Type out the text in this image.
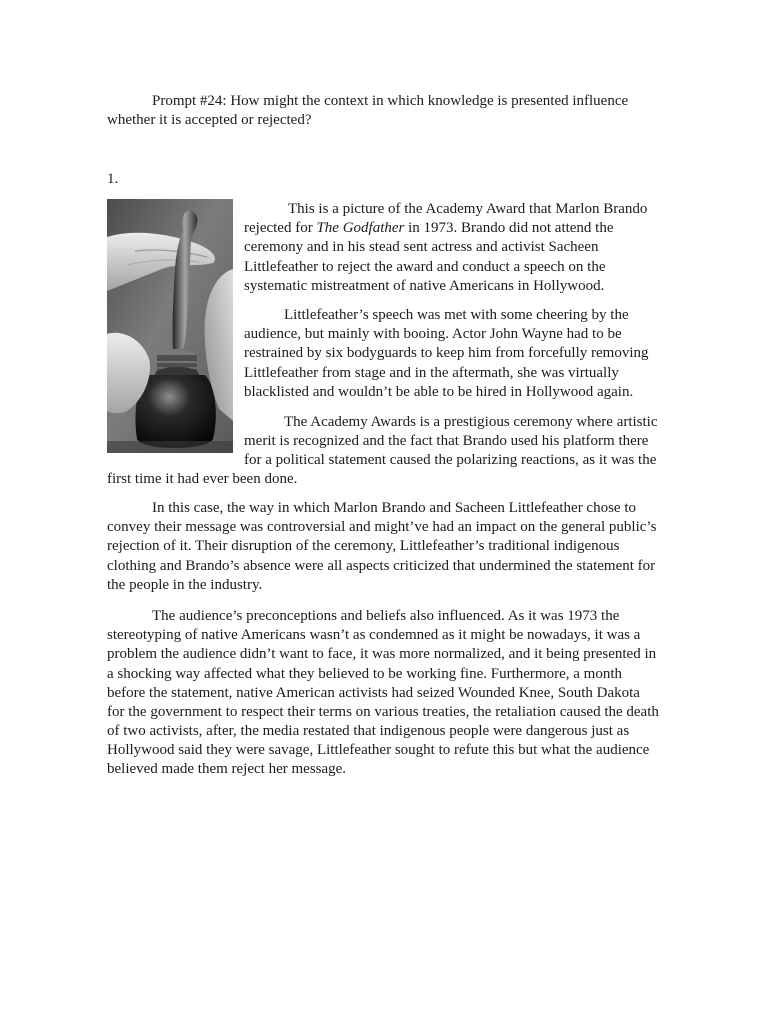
Prompt #24: How might the context in which knowledge is presented influence
whether it is accepted or rejected?
1.
This is a picture of the Academy Award that Marlon Brando
rejected for The Godfather in 1973. Brando did not attend the
ceremony and in his stead sent actress and activist Sacheen
Littlefeather to reject the award and conduct a speech on the
systematic mistreatment of native Americans in Hollywood.
Littlefeather’s speech was met with some cheering by the
audience, but mainly with booing. Actor John Wayne had to be
restrained by six bodyguards to keep him from forcefully removing
Littlefeather from stage and in the aftermath, she was virtually
blacklisted and wouldn’t be able to be hired in Hollywood again.
The Academy Awards is a prestigious ceremony where artistic
merit is recognized and the fact that Brando used his platform there
for a political statement caused the polarizing reactions, as it was the
first time it had ever been done.
In this case, the way in which Marlon Brando and Sacheen Littlefeather chose to
convey their message was controversial and might’ve had an impact on the general public’s
rejection of it. Their disruption of the ceremony, Littlefeather’s traditional indigenous
clothing and Brando’s absence were all aspects criticized that undermined the statement for
the people in the industry.
The audience’s preconceptions and beliefs also influenced. As it was 1973 the
stereotyping of native Americans wasn’t as condemned as it might be nowadays, it was a
problem the audience didn’t want to face, it was more normalized, and it being presented in
a shocking way affected what they believed to be working fine. Furthermore, a month
before the statement, native American activists had seized Wounded Knee, South Dakota
for the government to respect their terms on various treaties, the retaliation caused the death
of two activists, after, the media restated that indigenous people were dangerous just as
Hollywood said they were savage, Littlefeather sought to refute this but what the audience
believed made them reject her message.
